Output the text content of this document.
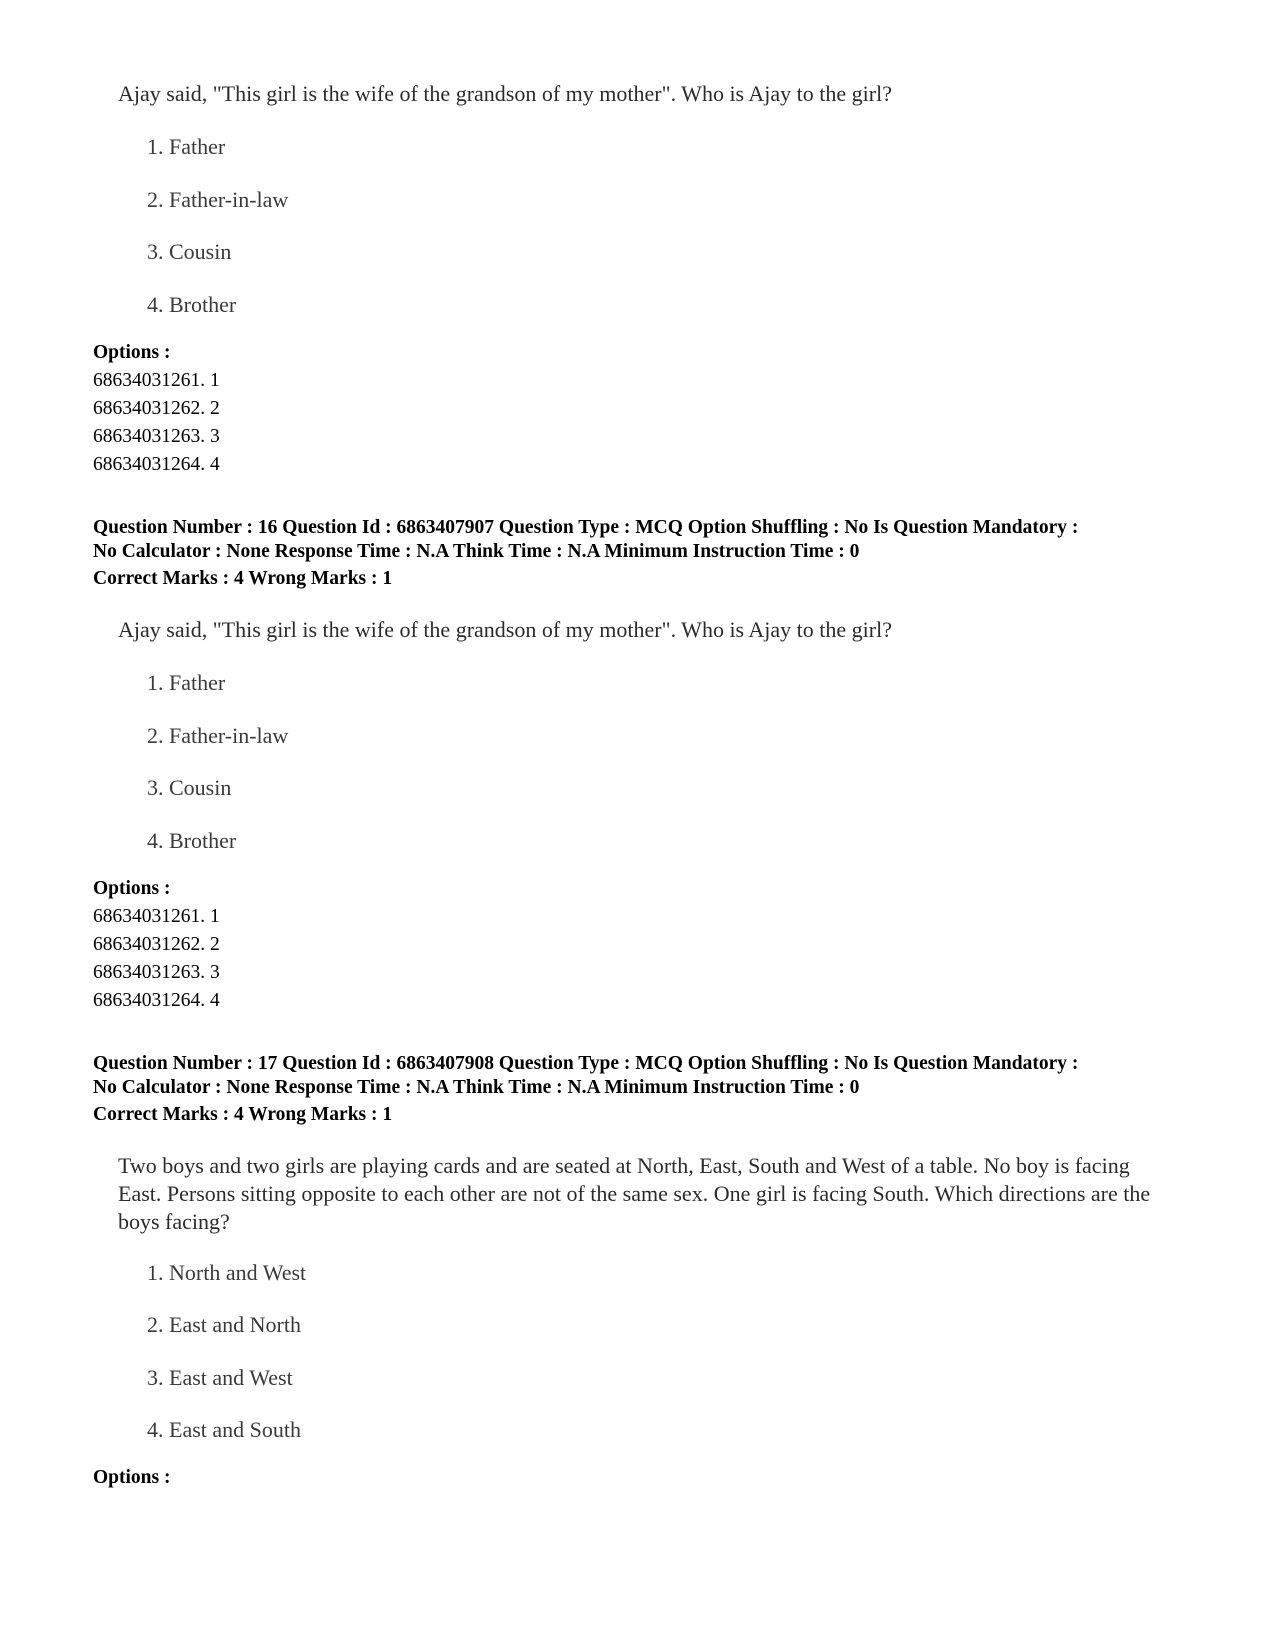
Ajay said, "This girl is the wife of the grandson of my mother". Who is Ajay to the girl?
1. Father
2. Father-in-law
3. Cousin
4. Brother
Options :
68634031261. 1
68634031262. 2
68634031263. 3
68634031264. 4
Question Number : 16 Question Id : 6863407907 Question Type : MCQ Option Shuffling : No Is Question Mandatory :
No Calculator : None Response Time : N.A Think Time : N.A Minimum Instruction Time : 0
Correct Marks : 4 Wrong Marks : 1
Ajay said, "This girl is the wife of the grandson of my mother". Who is Ajay to the girl?
1. Father
2. Father-in-law
3. Cousin
4. Brother
Options :
68634031261. 1
68634031262. 2
68634031263. 3
68634031264. 4
Question Number : 17 Question Id : 6863407908 Question Type : MCQ Option Shuffling : No Is Question Mandatory :
No Calculator : None Response Time : N.A Think Time : N.A Minimum Instruction Time : 0
Correct Marks : 4 Wrong Marks : 1
Two boys and two girls are playing cards and are seated at North, East, South and West of a table. No boy is facing East. Persons sitting opposite to each other are not of the same sex. One girl is facing South. Which directions are the boys facing?
1. North and West
2. East and North
3. East and West
4. East and South
Options :
